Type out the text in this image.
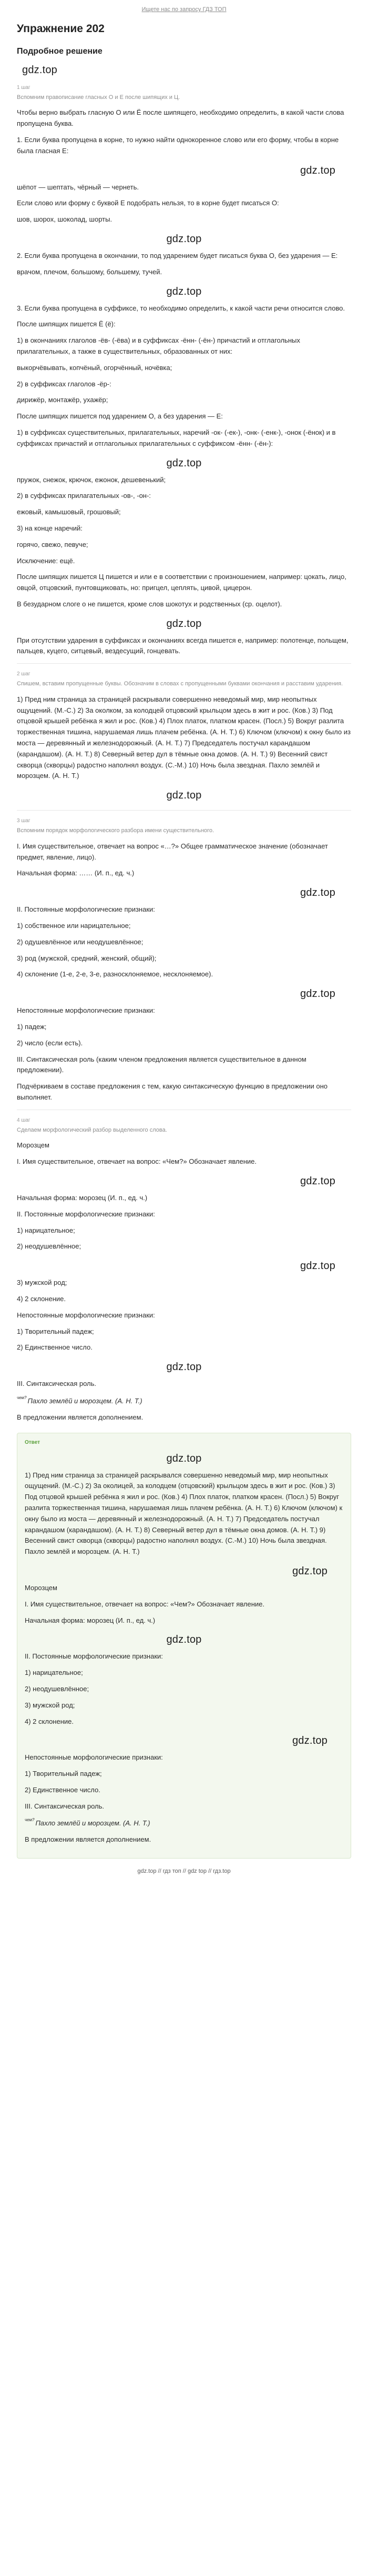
Ищете нас по запросу ГДЗ ТОП
Упражнение 202
Подробное решение
gdz.top
1 шаг
Вспомним правописание гласных О и Е после шипящих и Ц.

Чтобы верно выбрать гласную О или Ё после шипящего, необходимо определить, в какой части слова пропущена буква.

1. Если буква пропущена в корне, то нужно найти однокоренное слово или его форму, чтобы в корне была гласная Е:

gdz.top

шёпот — шептать, чёрный — чернеть.

Если слово или форму с буквой Е подобрать нельзя, то в корне будет писаться О:

шов, шорох, шоколад, шорты.

gdz.top

2. Если буква пропущена в окончании, то под ударением будет писаться буква О, без ударения — Е:

врачом, плечом, большому, большему, тучей.

gdz.top

3. Если буква пропущена в суффиксе, то необходимо определить, к какой части речи относится слово.

После шипящих пишется Ё (ё):

1) в окончаниях глаголов -ёв- (-ёва) и в суффиксах -ённ- (-ён-) причастий и отглагольных прилагательных, а также в существительных, образованных от них:

выкорчёвывать, копчёный, огорчённый, ночёвка;

2) в суффиксах глаголов -ёр-:

дирижёр, монтажёр, ухажёр;

После шипящих пишется под ударением О, а без ударения — Е:

1) в суффиксах существительных, прилагательных, наречий -ок- (-ек-), -онк- (-енк-), -онок (-ёнок) и в суффиксах причастий и отглагольных прилагательных с суффиксом -ённ- (-ён-):

gdz.top

пружок, снежок, крючок, ежонок, дешевенький;

2) в суффиксах прилагательных -ов-, -он-:

ежовый, камышовый, грошовый;

3) на конце наречий:

горячо, свежо, певуче;

Исключение: ещё.

После шипящих пишется Ц пишется и или е в соответствии с произношением, например: цокать, лицо, овцой, отцовский, пунтовщиковать, но: пригцел, цеплять, цивой, цицерон.

В безударном слоге о не пишется, кроме слов шокотух и родственных (ср. оцелот).

gdz.top

При отсутствии ударения в суффиксах и окончаниях всегда пишется е, например: полотенце, польщем, пальцев, куцего, ситцевый, вездесущий, гонцевать.

2 шаг
Спишем, вставим пропущенные буквы. Обозначим в словах с пропущенными буквами окончания и расставим ударения.

1) Пред ним страница за страницей раскрывали совершенно неведомый мир, мир неопытных ощущений. (М.-С.) 2) За околком, за колодцей отцовский крыльцом здесь в жит и рос. (Ков.) 3) Под отцовой крышей ребёнка я жил и рос. (Ков.) 4) Плох платок, платком красен. (Посл.) 5) Вокруг разлита торжественная тишина, нарушаемая лишь плачем ребёнка. (А. Н. Т.) 6) Ключом (ключом) к окну было из моста — деревянный и железнодорожный. (А. Н. Т.) 7) Председатель постучал карандашом (карандашом). (А. Н. Т.) 8) Северный ветер дул в тёмные окна домов. (А. Н. Т.) 9) Весенний свист скворца (скворцы) радостно наполнял воздух. (С.-М.) 10) Ночь была звездная. Пахло землёй и морозцем. (А. Н. Т.)

gdz.top
3 шаг
Вспомним порядок морфологического разбора имени существительного.

I. Имя существительное, отвечает на вопрос «…?» Общее грамматическое значение (обозначает предмет, явление, лицо).

Начальная форма: …… (И. п., ед. ч.)

gdz.top

II. Постоянные морфологические признаки:

1) собственное или нарицательное;

2) одушевлённое или неодушевлённое;

3) род (мужской, средний, женский, общий);

4) склонение (1-е, 2-е, 3-е, разносклоняемое, несклоняемое).

gdz.top

Непостоянные морфологические признаки:

1) падеж;

2) число (если есть).

III. Синтаксическая роль (каким членом предложения является существительное в данном предложении).

Подчёркиваем в составе предложения с тем, какую синтаксическую функцию в предложении оно выполняет.

4 шаг
Сделаем морфологический разбор выделенного слова.

Морозцем

I. Имя существительное, отвечает на вопрос: «Чем?» Обозначает явление.

gdz.top

Начальная форма: морозец (И. п., ед. ч.)

II. Постоянные морфологические признаки:

1) нарицательное;

2) неодушевлённое;

gdz.top

3) мужской род;

4) 2 склонение.

Непостоянные морфологические признаки:

1) Творительный падеж;

2) Единственное число.

gdz.top

III. Синтаксическая роль.

$^{чем?}$ Пахло землёй и морозцем. (А. Н. Т.)

В предложении является дополнением.

Ответ
gdz.top

1) Пред ним страница за страницей раскрывался совершенно неведомый мир, мир неопытных ощущений. (М.-С.) 2) За околицей, за колодцем (отцовский) крыльцом здесь в жит и рос. (Ков.) 3) Под отцовой крышей ребёнка я жил и рос. (Ков.) 4) Плох платок, платком красен. (Посл.) 5) Вокруг разлита торжественная тишина, нарушаемая лишь плачем ребёнка. (А. Н. Т.) 6) Ключом (ключом) к окну было из моста — деревянный и железнодорожный. (А. Н. Т.) 7) Председатель постучал карандашом (карандашом). (А. Н. Т.) 8) Северный ветер дул в тёмные окна домов. (А. Н. Т.) 9) Весенний свист скворца (скворцы) радостно наполнял воздух. (С.-М.) 10) Ночь была звездная. Пахло землёй и морозцем. (А. Н. Т.)

gdz.top

Морозцем

I. Имя существительное, отвечает на вопрос: «Чем?» Обозначает явление.

Начальная форма: морозец (И. п., ед. ч.)

gdz.top

II. Постоянные морфологические признаки:

1) нарицательное;

2) неодушевлённое;

3) мужской род;

4) 2 склонение.

gdz.top

Непостоянные морфологические признаки:

1) Творительный падеж;

2) Единственное число.

III. Синтаксическая роль.

$^{чем?}$ Пахло землёй и морозцем. (А. Н. Т.)

В предложении является дополнением.

gdz.top // гдз топ // gdz top // гдз.top
